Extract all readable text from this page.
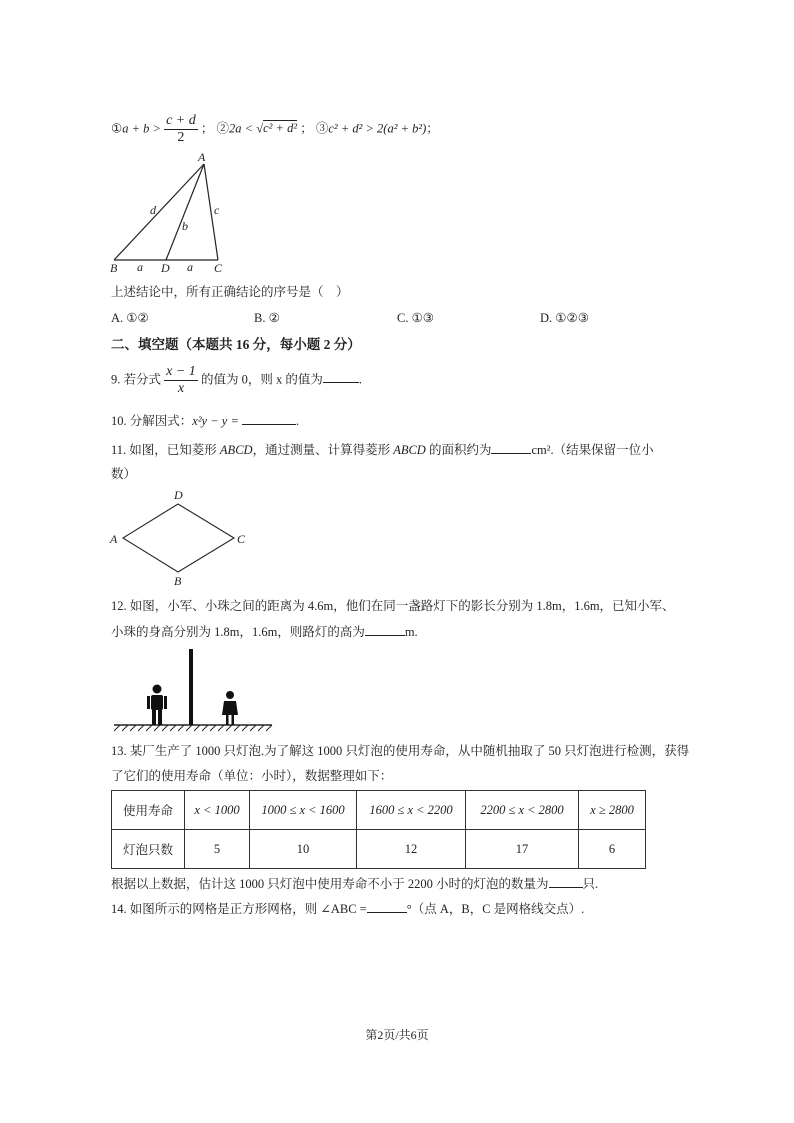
①a + $b > \frac{c + d}{2}$ ； ②2a < √c² + d² ； ③c² + d² > 2(a² + b²)；
A
B	D	C
a	a
b
c
d
上述结论中，所有正确结论的序号是（　）
A. ①②	B. ②	C. ①③	D. ①②③
二、填空题（本题共 16 分，每小题 2 分）
9. 若分式 $\frac{x - 1}{x}$ 的值为 0，则 x 的值为	.
10. 分解因式：x²y − y =	.
11. 如图，已知菱形 ABCD，通过测量、计算得菱形 ABCD 的面积约为	cm².（结果保留一位小
数）
D
A	C
B
12. 如图，小军、小珠之间的距离为 4.6m，他们在同一盏路灯下的影长分别为 1.8m，1.6m，已知小军、
小珠的身高分别为 1.8m，1.6m，则路灯的高为	m.
13. 某厂生产了 1000 只灯泡.为了解这 1000 只灯泡的使用寿命，从中随机抽取了 50 只灯泡进行检测，获得
了它们的使用寿命（单位：小时），数据整理如下：
使用寿命	x < 1000	1000 ≤ x < 1600	1600 ≤ x < 2200	2200 ≤ x < 2800	x ≥ 2800
灯泡只数	5	10	12	17	6
根据以上数据，估计这 1000 只灯泡中使用寿命不小于 2200 小时的灯泡的数量为	只.
14. 如图所示的网格是正方形网格，则 ∠ABC =	°（点 A，B，C 是网格线交点）.
第2页/共6页
